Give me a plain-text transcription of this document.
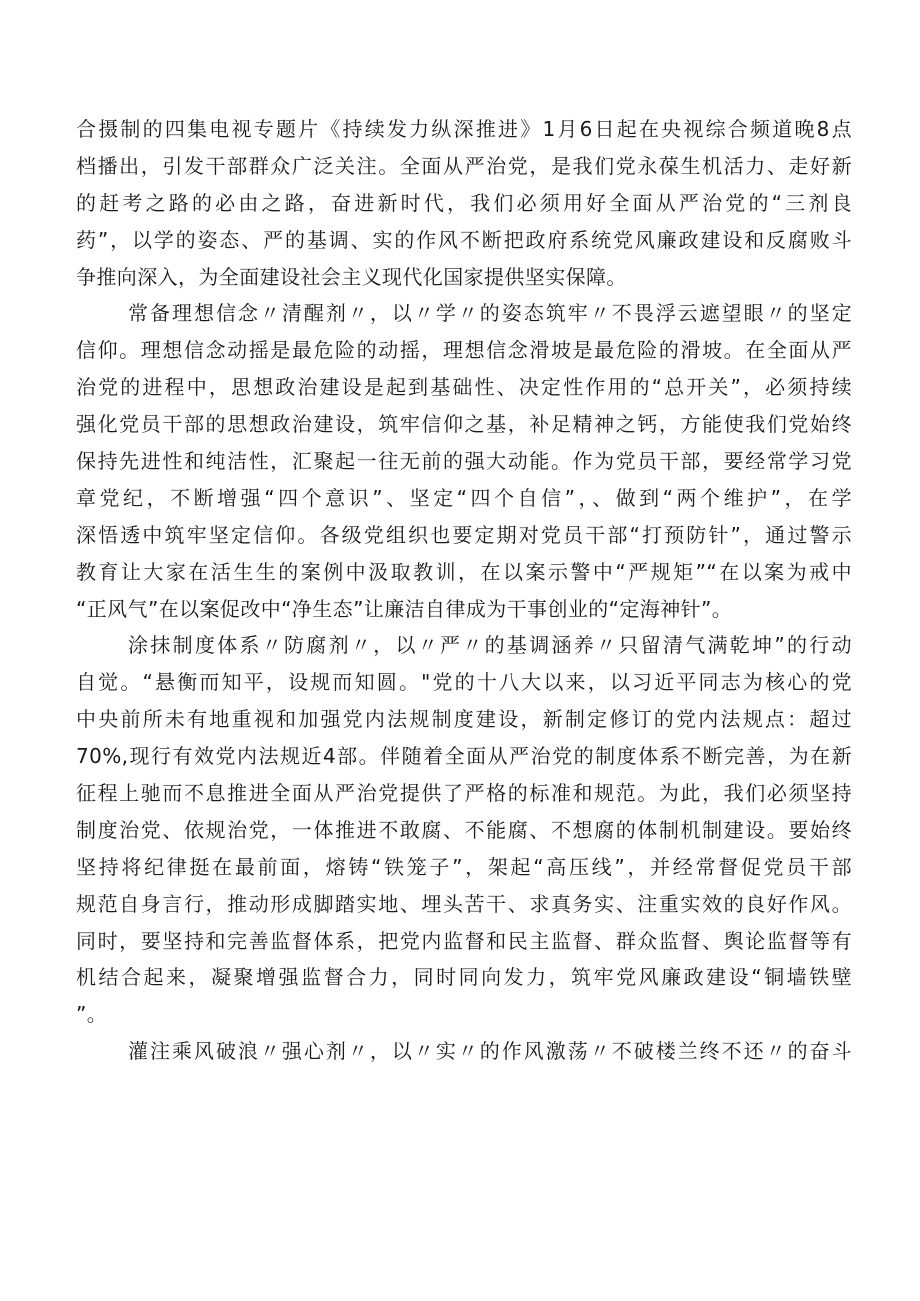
合摄制的四集电视专题片《持续发力纵深推进》1月6日起在央视综合频道晚8点
档播出，引发干部群众广泛关注。全面从严治党，是我们党永葆生机活力、走好新
的赶考之路的必由之路，奋进新时代，我们必须用好全面从严治党的“三剂良
药”，以学的姿态、严的基调、实的作风不断把政府系统党风廉政建设和反腐败斗
争推向深入，为全面建设社会主义现代化国家提供坚实保障。
常备理想信念〃清醒剂〃，以〃学〃的姿态筑牢〃不畏浮云遮望眼〃的坚定
信仰。理想信念动摇是最危险的动摇，理想信念滑坡是最危险的滑坡。在全面从严
治党的进程中，思想政治建设是起到基础性、决定性作用的“总开关”，必须持续
强化党员干部的思想政治建设，筑牢信仰之基，补足精神之钙，方能使我们党始终
保持先进性和纯洁性，汇聚起一往无前的强大动能。作为党员干部，要经常学习党
章党纪，不断增强“四个意识”、坚定“四个自信”，、做到“两个维护”，在学
深悟透中筑牢坚定信仰。各级党组织也要定期对党员干部“打预防针”，通过警示
教育让大家在活生生的案例中汲取教训，在以案示警中“严规矩”“在以案为戒中
“正风气”在以案促改中“净生态”让廉洁自律成为干事创业的“定海神针”。
涂抹制度体系〃防腐剂〃，以〃严〃的基调涵养〃只留清气满乾坤”的行动
自觉。“悬衡而知平，设规而知圆。"党的十八大以来，以习近平同志为核心的党
中央前所未有地重视和加强党内法规制度建设，新制定修订的党内法规点：超过
70%,现行有效党内法规近4部。伴随着全面从严治党的制度体系不断完善，为在新
征程上驰而不息推进全面从严治党提供了严格的标准和规范。为此，我们必须坚持
制度治党、依规治党，一体推进不敢腐、不能腐、不想腐的体制机制建设。要始终
坚持将纪律挺在最前面，熔铸“铁笼子”，架起“高压线”，并经常督促党员干部
规范自身言行，推动形成脚踏实地、埋头苦干、求真务实、注重实效的良好作风。
同时，要坚持和完善监督体系，把党内监督和民主监督、群众监督、舆论监督等有
机结合起来，凝聚增强监督合力，同时同向发力，筑牢党风廉政建设“铜墙铁壁
”。
灌注乘风破浪〃强心剂〃，以〃实〃的作风激荡〃不破楼兰终不还〃的奋斗
